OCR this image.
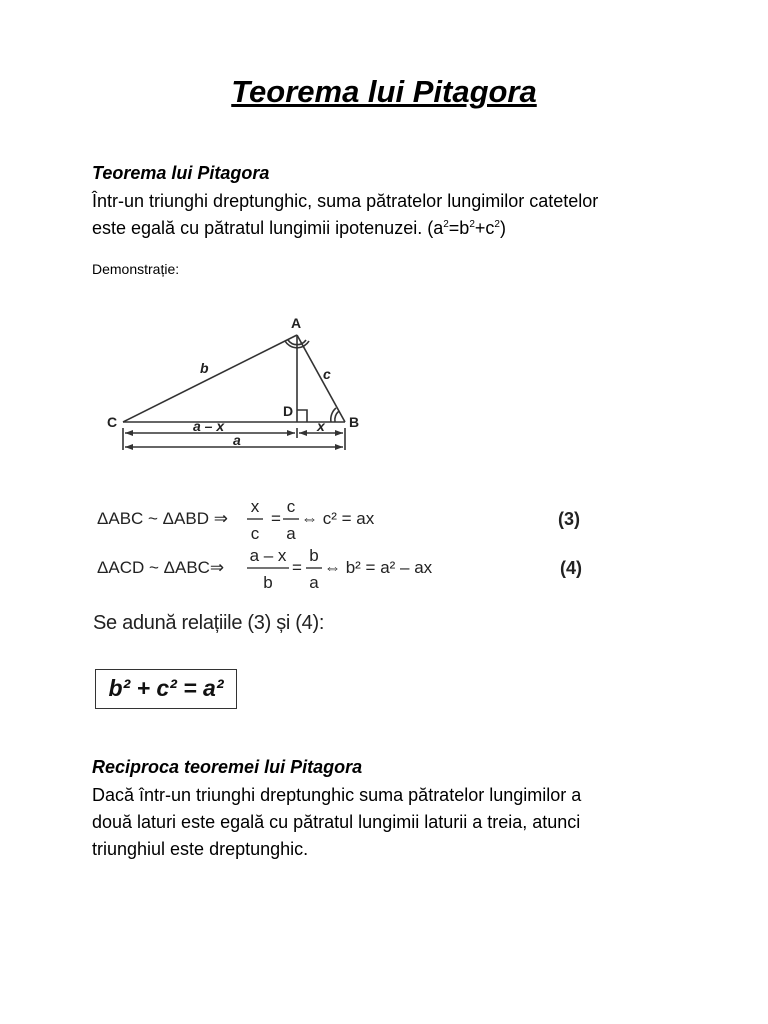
Teorema lui Pitagora
Teorema lui Pitagora
Într-un triunghi dreptunghic, suma pătratelor lungimilor catetelor
este egală cu pătratul lungimii ipotenuzei. $(a^2=b^2+c^2)$
Demonstrație:
A
B
C
D
b	c
a – x	x
a
ΔABC ~ ΔABD ⇒
x
c
=
c
a
⇔ c² = ax	(3)
ΔACD ~ ΔABC⇒
a – x
b
=
b
a
⇔ b² = a² – ax	(4)
Se adună relațiile (3) și (4):
b² + c² = a²
Reciproca teoremei lui Pitagora
Dacă într-un triunghi dreptunghic suma pătratelor lungimilor a
două laturi este egală cu pătratul lungimii laturii a treia, atunci
triunghiul este dreptunghic.
